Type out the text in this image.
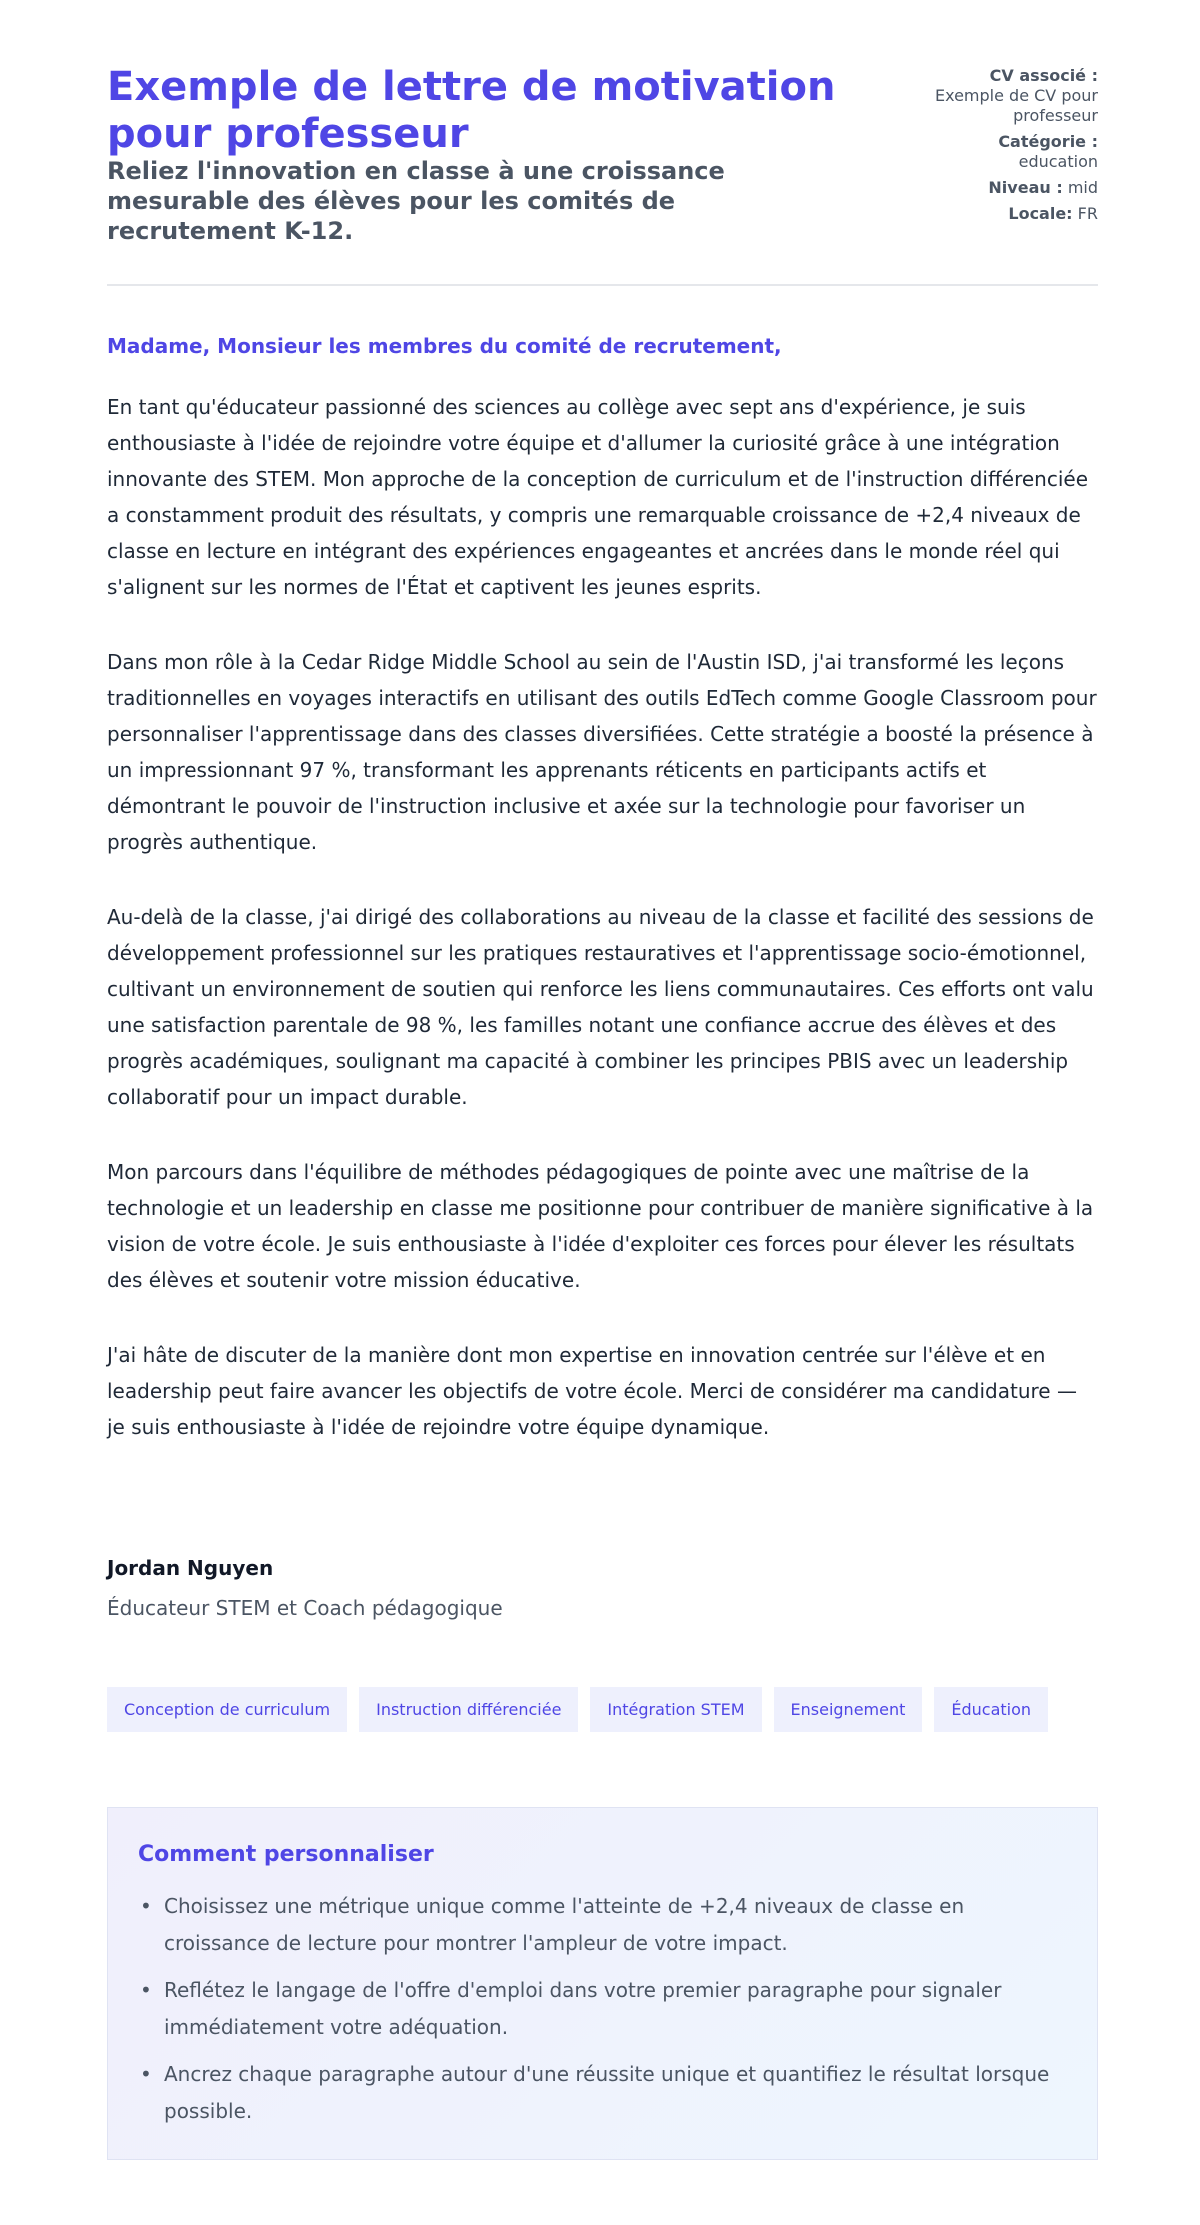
Exemple de lettre de motivation pour professeur
Reliez l'innovation en classe à une croissance mesurable des élèves pour les comités de recrutement K-12.
CV associé :
Exemple de CV pour professeur
Catégorie :
education
Niveau : mid
Locale: FR
Madame, Monsieur les membres du comité de recrutement,

En tant qu'éducateur passionné des sciences au collège avec sept ans d'expérience, je suis enthousiaste à l'idée de rejoindre votre équipe et d'allumer la curiosité grâce à une intégration innovante des STEM. Mon approche de la conception de curriculum et de l'instruction différenciée a constamment produit des résultats, y compris une remarquable croissance de +2,4 niveaux de classe en lecture en intégrant des expériences engageantes et ancrées dans le monde réel qui s'alignent sur les normes de l'État et captivent les jeunes esprits.

Dans mon rôle à la Cedar Ridge Middle School au sein de l'Austin ISD, j'ai transformé les leçons traditionnelles en voyages interactifs en utilisant des outils EdTech comme Google Classroom pour personnaliser l'apprentissage dans des classes diversifiées. Cette stratégie a boosté la présence à un impressionnant 97 %, transformant les apprenants réticents en participants actifs et démontrant le pouvoir de l'instruction inclusive et axée sur la technologie pour favoriser un progrès authentique.

Au-delà de la classe, j'ai dirigé des collaborations au niveau de la classe et facilité des sessions de développement professionnel sur les pratiques restauratives et l'apprentissage socio-émotionnel, cultivant un environnement de soutien qui renforce les liens communautaires. Ces efforts ont valu une satisfaction parentale de 98 %, les familles notant une confiance accrue des élèves et des progrès académiques, soulignant ma capacité à combiner les principes PBIS avec un leadership collaboratif pour un impact durable.

Mon parcours dans l'équilibre de méthodes pédagogiques de pointe avec une maîtrise de la technologie et un leadership en classe me positionne pour contribuer de manière significative à la vision de votre école. Je suis enthousiaste à l'idée d'exploiter ces forces pour élever les résultats des élèves et soutenir votre mission éducative.

J'ai hâte de discuter de la manière dont mon expertise en innovation centrée sur l'élève et en leadership peut faire avancer les objectifs de votre école. Merci de considérer ma candidature — je suis enthousiaste à l'idée de rejoindre votre équipe dynamique.

Jordan Nguyen
Éducateur STEM et Coach pédagogique
Conception de curriculum	Instruction différenciée	Intégration STEM	Enseignement	Éducation
Comment personnaliser
• Choisissez une métrique unique comme l'atteinte de +2,4 niveaux de classe en croissance de lecture pour montrer l'ampleur de votre impact.
• Reflétez le langage de l'offre d'emploi dans votre premier paragraphe pour signaler immédiatement votre adéquation.
• Ancrez chaque paragraphe autour d'une réussite unique et quantifiez le résultat lorsque possible.
